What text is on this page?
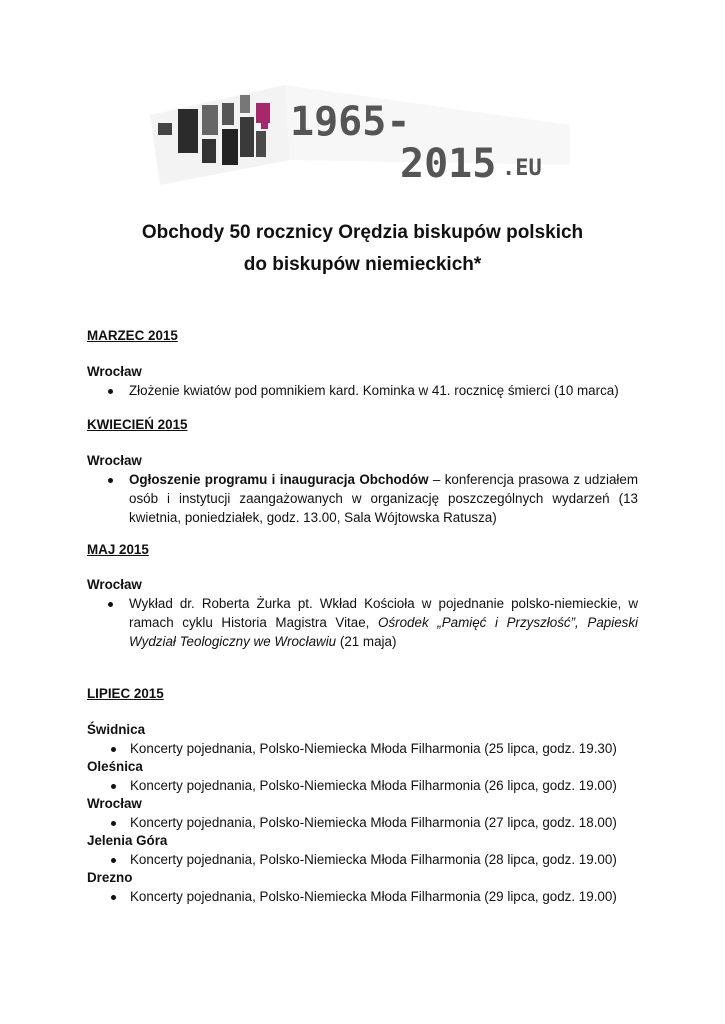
1965-
2015 .EU
Obchody 50 rocznicy Orędzia biskupów polskich
do biskupów niemieckich*
MARZEC 2015
Wrocław
Złożenie kwiatów pod pomnikiem kard. Kominka w 41. rocznicę śmierci (10 marca)
KWIECIEŃ 2015
Wrocław
Ogłoszenie programu i inauguracja Obchodów – konferencja prasowa z udziałem osób i instytucji zaangażowanych w organizację poszczególnych wydarzeń (13 kwietnia, poniedziałek, godz. 13.00, Sala Wójtowska Ratusza)
MAJ 2015
Wrocław
Wykład dr. Roberta Żurka pt. Wkład Kościoła w pojednanie polsko-niemieckie, w ramach cyklu Historia Magistra Vitae, Ośrodek „Pamięć i Przyszłość”, Papieski Wydział Teologiczny we Wrocławiu (21 maja)
LIPIEC 2015
Świdnica
Koncerty pojednania, Polsko-Niemiecka Młoda Filharmonia (25 lipca, godz. 19.30)
Oleśnica
Koncerty pojednania, Polsko-Niemiecka Młoda Filharmonia (26 lipca, godz. 19.00)
Wrocław
Koncerty pojednania, Polsko-Niemiecka Młoda Filharmonia (27 lipca, godz. 18.00)
Jelenia Góra
Koncerty pojednania, Polsko-Niemiecka Młoda Filharmonia (28 lipca, godz. 19.00)
Drezno
Koncerty pojednania, Polsko-Niemiecka Młoda Filharmonia (29 lipca, godz. 19.00)
